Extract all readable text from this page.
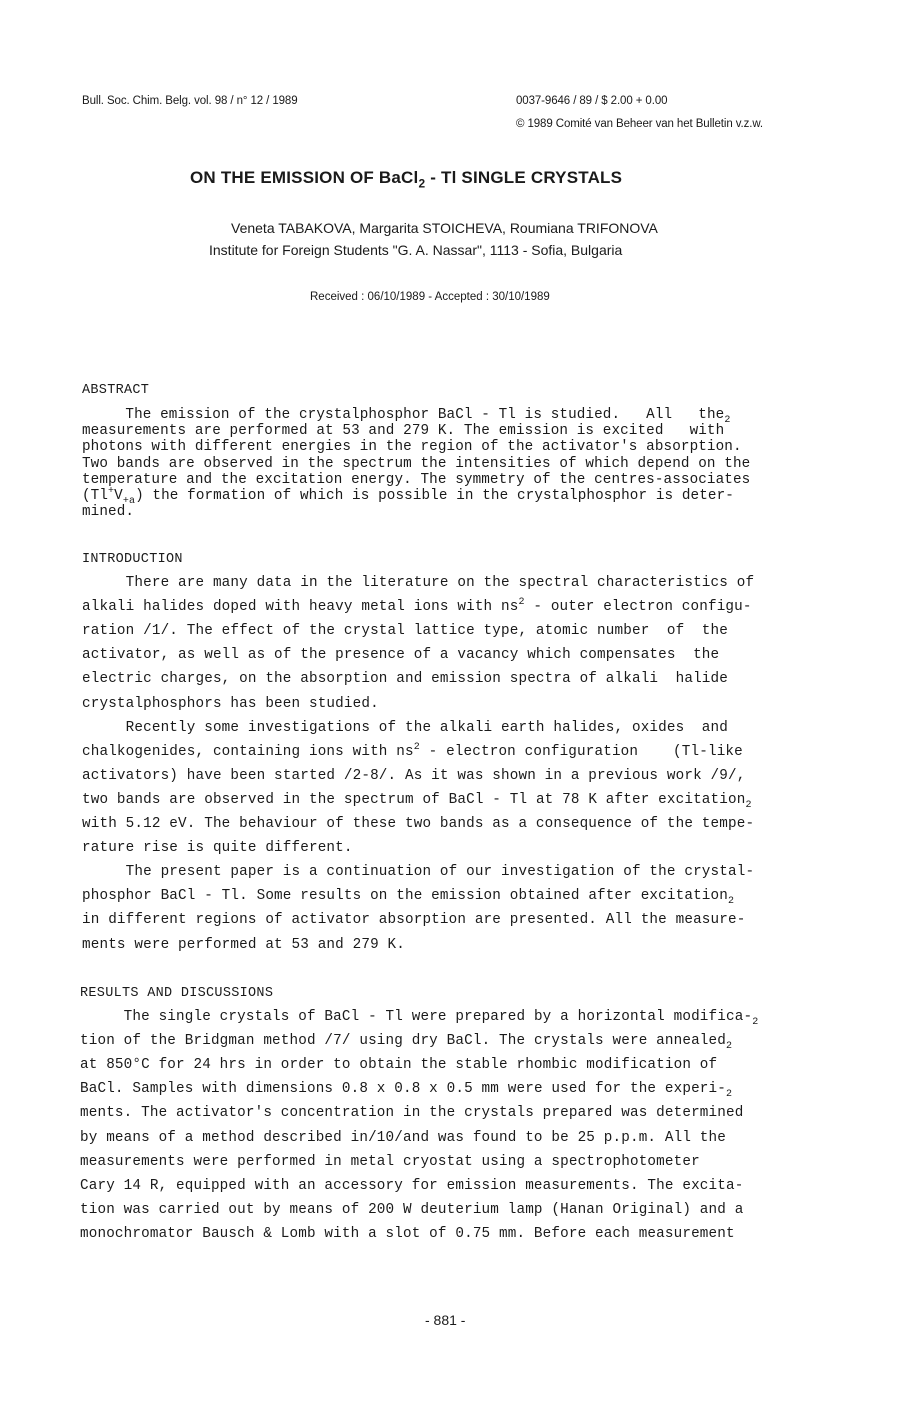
Bull. Soc. Chim. Belg. vol. 98 / n° 12 / 1989	0037-9646 / 89 / $ 2.00 + 0.00
© 1989 Comité van Beheer van het Bulletin v.z.w.
ON THE EMISSION OF BaCl$_2$ - Tl SINGLE CRYSTALS
Veneta TABAKOVA, Margarita STOICHEVA, Roumiana TRIFONOVA
Institute for Foreign Students "G. A. Nassar", 1113 - Sofia, Bulgaria
Received : 06/10/1989 - Accepted : 30/10/1989
ABSTRACT
The emission of the crystalphosphor BaCl - Tl is studied.   All   the$_2$
measurements are performed at 53 and 279 K. The emission is excited   with
photons with different energies in the region of the activator's absorption.
Two bands are observed in the spectrum the intensities of which depend on the
temperature and the excitation energy. The symmetry of the centres-associates
$(Tl^+V_{+a})$ the formation of which is possible in the crystalphosphor is deter-
mined.
INTRODUCTION
There are many data in the literature on the spectral characteristics of
alkali halides doped with heavy metal ions with $ns^2$ - outer electron configu-
ration /1/. The effect of the crystal lattice type, atomic number  of  the
activator, as well as of the presence of a vacancy which compensates  the
electric charges, on the absorption and emission spectra of alkali  halide
crystalphosphors has been studied.
Recently some investigations of the alkali earth halides, oxides  and
chalkogenides, containing ions with $ns^2$ - electron configuration    (Tl-like
activators) have been started /2-8/. As it was shown in a previous work /9/,
two bands are observed in the spectrum of BaCl - Tl at 78 K after excitation$_2$
with 5.12 eV. The behaviour of these two bands as a consequence of the tempe-
rature rise is quite different.
The present paper is a continuation of our investigation of the crystal-
phosphor BaCl - Tl. Some results on the emission obtained after excitation$_2$
in different regions of activator absorption are presented. All the measure-
ments were performed at 53 and 279 K.
RESULTS AND DISCUSSIONS
The single crystals of BaCl - Tl were prepared by a horizontal modifica-$_2$
tion of the Bridgman method /7/ using dry BaCl. The crystals were annealed$_2$
at 850°C for 24 hrs in order to obtain the stable rhombic modification of
BaCl. Samples with dimensions 0.8 x 0.8 x 0.5 mm were used for the experi-$_2$
ments. The activator's concentration in the crystals prepared was determined
by means of a method described in/10/and was found to be 25 p.p.m. All the
measurements were performed in metal cryostat using a spectrophotometer
Cary 14 R, equipped with an accessory for emission measurements. The excita-
tion was carried out by means of 200 W deuterium lamp (Hanan Original) and a
monochromator Bausch & Lomb with a slot of 0.75 mm. Before each measurement
- 881 -
